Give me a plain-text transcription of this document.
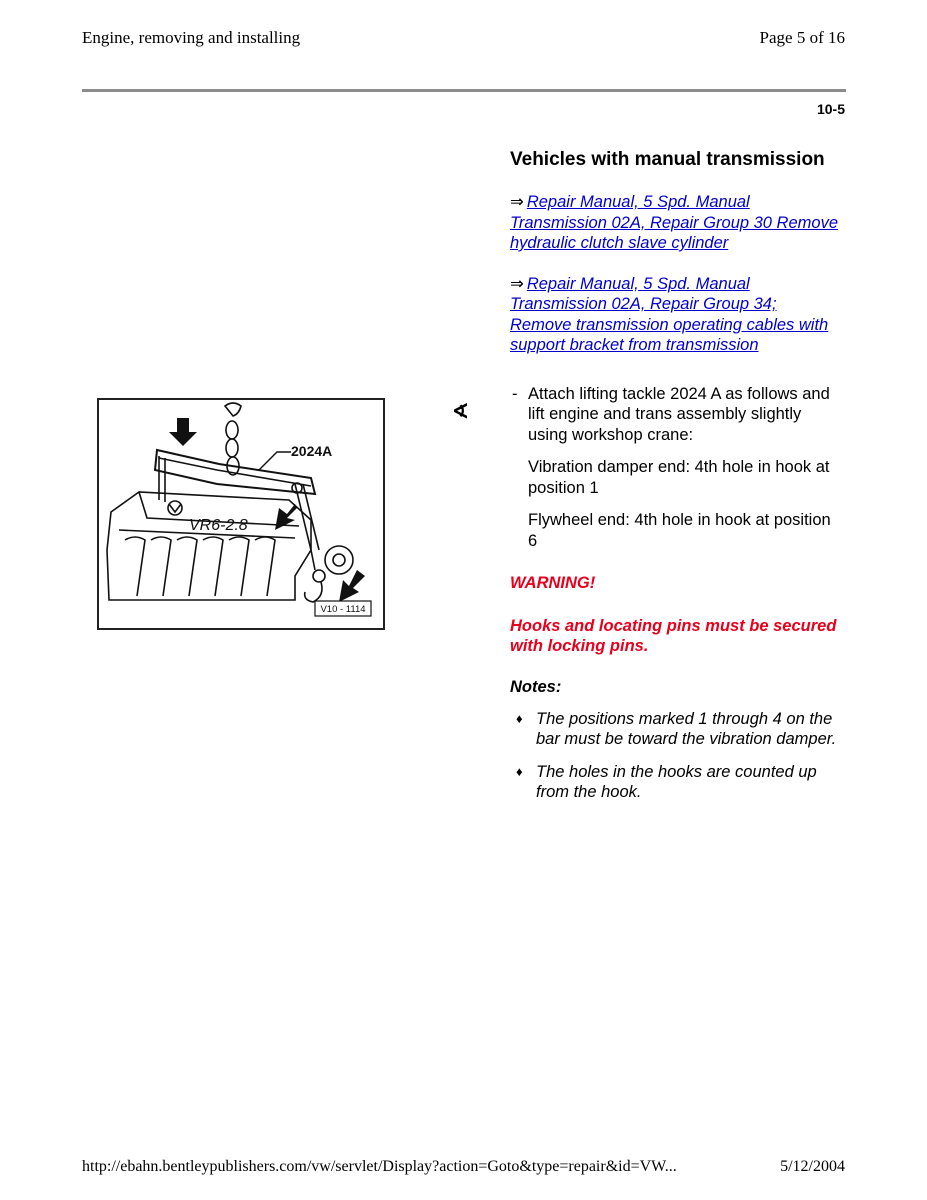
Engine, removing and installing	Page 5 of 16
10-5
2024A
VR6-2.8
V10 - 1114
∢
Vehicles with manual transmission
⇒ Repair Manual, 5 Spd. Manual Transmission 02A, Repair Group 30 Remove hydraulic clutch slave cylinder
⇒ Repair Manual, 5 Spd. Manual Transmission 02A, Repair Group 34; Remove transmission operating cables with support bracket from transmission
- Attach lifting tackle 2024 A as follows and lift engine and trans assembly slightly using workshop crane:
Vibration damper end: 4th hole in hook at position 1
Flywheel end: 4th hole in hook at position 6
WARNING!
Hooks and locating pins must be secured with locking pins.
Notes:
♦ The positions marked 1 through 4 on the bar must be toward the vibration damper.
♦ The holes in the hooks are counted up from the hook.
http://ebahn.bentleypublishers.com/vw/servlet/Display?action=Goto&type=repair&id=VW...	5/12/2004
